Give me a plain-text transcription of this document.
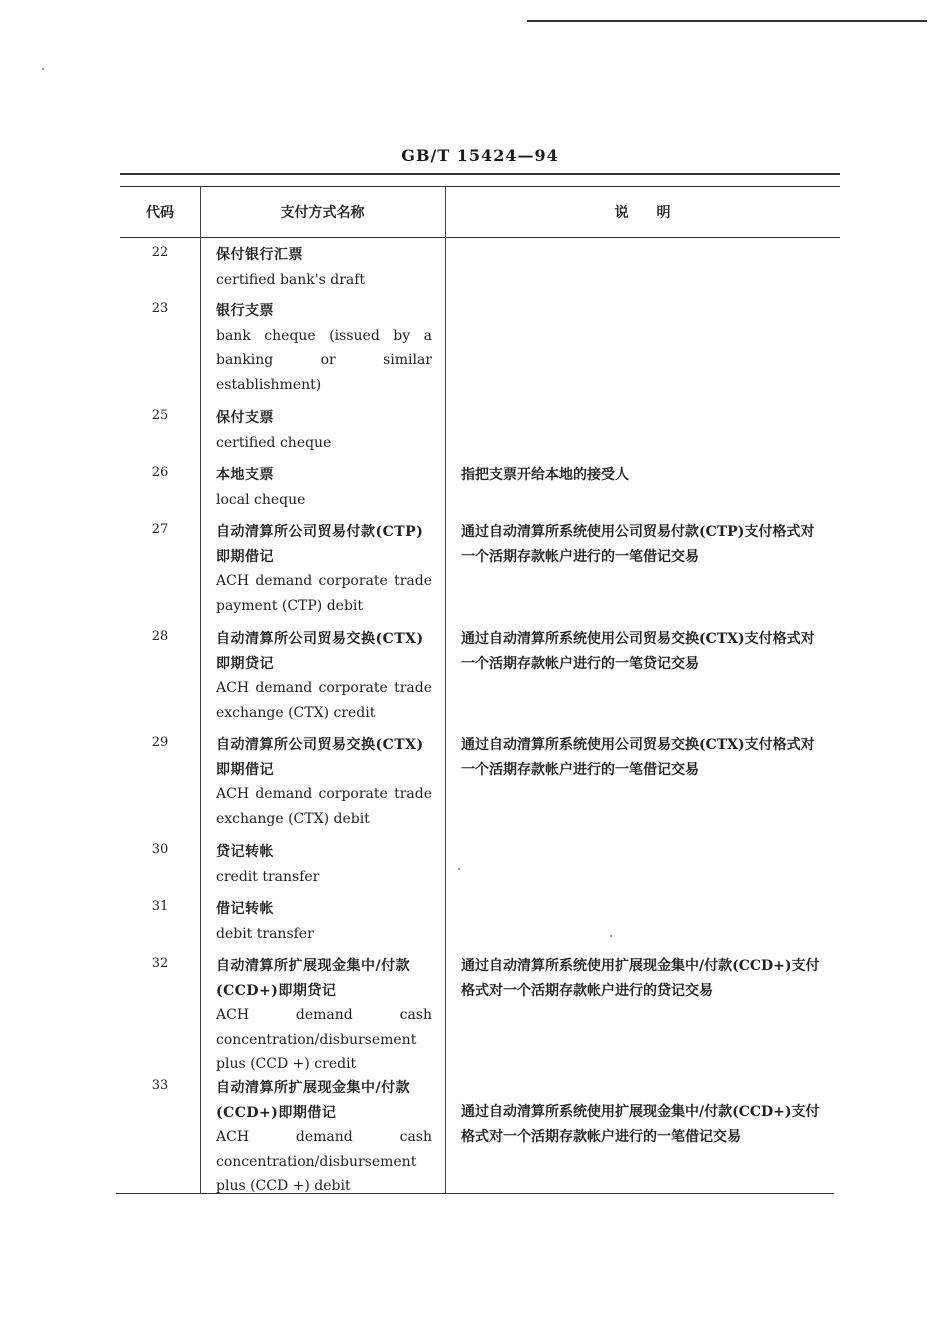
GB/T 15424—94
代码	支付方式名称	说　　明
22	保付银行汇票
certified bank's draft
23	银行支票
bank cheque (issued by a banking or similar establishment)
25	保付支票
certified cheque
26	本地支票
local cheque
指把支票开给本地的接受人
27	自动清算所公司贸易付款(CTP)即期借记
ACH demand corporate trade payment (CTP) debit
通过自动清算所系统使用公司贸易付款(CTP)支付格式对一个活期存款帐户进行的一笔借记交易
28	自动清算所公司贸易交换(CTX)即期贷记
ACH demand corporate trade exchange (CTX) credit
通过自动清算所系统使用公司贸易交换(CTX)支付格式对一个活期存款帐户进行的一笔贷记交易
29	自动清算所公司贸易交换(CTX)即期借记
ACH demand corporate trade exchange (CTX) debit
通过自动清算所系统使用公司贸易交换(CTX)支付格式对一个活期存款帐户进行的一笔借记交易
30	贷记转帐
credit transfer
31	借记转帐
debit transfer
32	自动清算所扩展现金集中/付款(CCD+)即期贷记
ACH demand cash concentration/disbursement plus (CCD +) credit
通过自动清算所系统使用扩展现金集中/付款(CCD+)支付格式对一个活期存款帐户进行的贷记交易
33	自动清算所扩展现金集中/付款(CCD+)即期借记
ACH demand cash concentration/disbursement plus (CCD +) debit
通过自动清算所系统使用扩展现金集中/付款(CCD+)支付格式对一个活期存款帐户进行的一笔借记交易
